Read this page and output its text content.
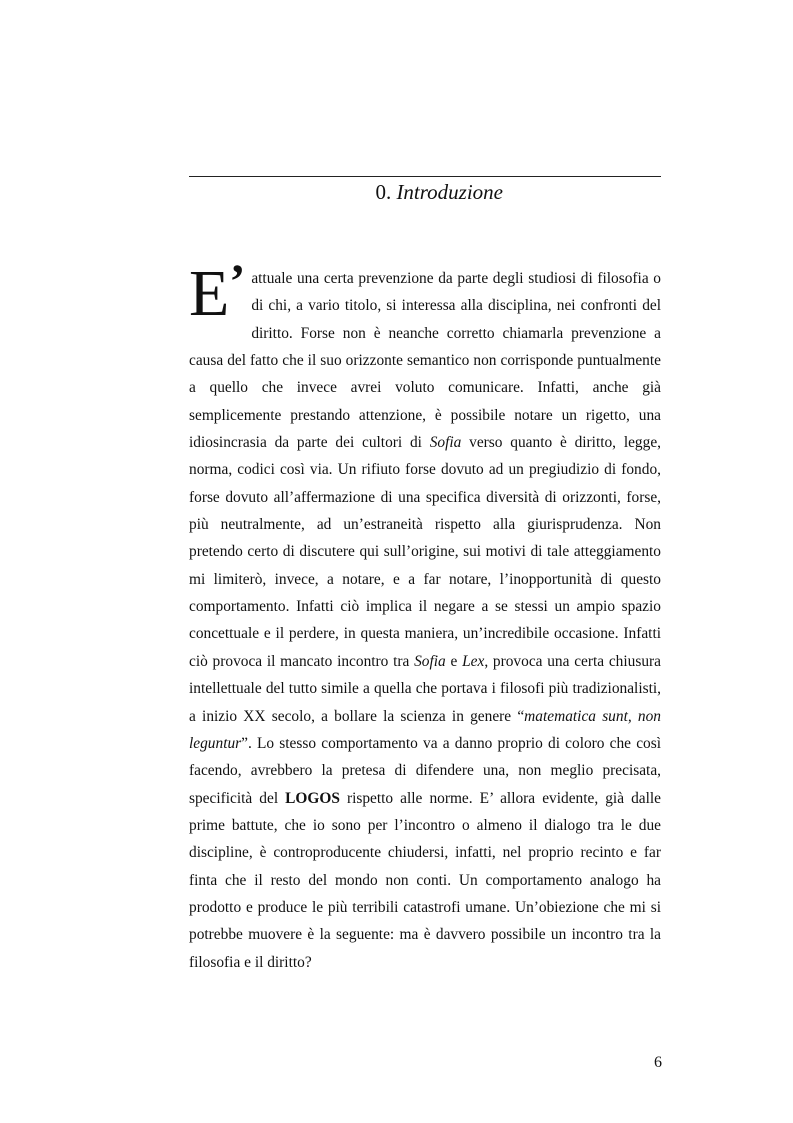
0. Introduzione

E’ attuale una certa prevenzione da parte degli studiosi di filosofia o di chi, a vario titolo, si interessa alla disciplina, nei confronti del diritto. Forse non è neanche corretto chiamarla prevenzione a causa del fatto che il suo orizzonte semantico non corrisponde puntualmente a quello che invece avrei voluto comunicare. Infatti, anche già semplicemente prestando attenzione, è possibile notare un rigetto, una idiosincrasia da parte dei cultori di Sofia verso quanto è diritto, legge, norma, codici così via. Un rifiuto forse dovuto ad un pregiudizio di fondo, forse dovuto all’affermazione di una specifica diversità di orizzonti, forse, più neutralmente, ad un’estraneità rispetto alla giurisprudenza. Non pretendo certo di discutere qui sull’origine, sui motivi di tale atteggiamento mi limiterò, invece, a notare, e a far notare, l’inopportunità di questo comportamento. Infatti ciò implica il negare a se stessi un ampio spazio concettuale e il perdere, in questa maniera, un’incredibile occasione. Infatti ciò provoca il mancato incontro tra Sofia e Lex, provoca una certa chiusura intellettuale del tutto simile a quella che portava i filosofi più tradizionalisti, a inizio XX secolo, a bollare la scienza in genere “matematica sunt, non leguntur”. Lo stesso comportamento va a danno proprio di coloro che così facendo, avrebbero la pretesa di difendere una, non meglio precisata, specificità del LOGOS rispetto alle norme. E’ allora evidente, già dalle prime battute, che io sono per l’incontro o almeno il dialogo tra le due discipline, è controproducente chiudersi, infatti, nel proprio recinto e far finta che il resto del mondo non conti. Un comportamento analogo ha prodotto e produce le più terribili catastrofi umane. Un’obiezione che mi si potrebbe muovere è la seguente: ma è davvero possibile un incontro tra la filosofia e il diritto?

6
